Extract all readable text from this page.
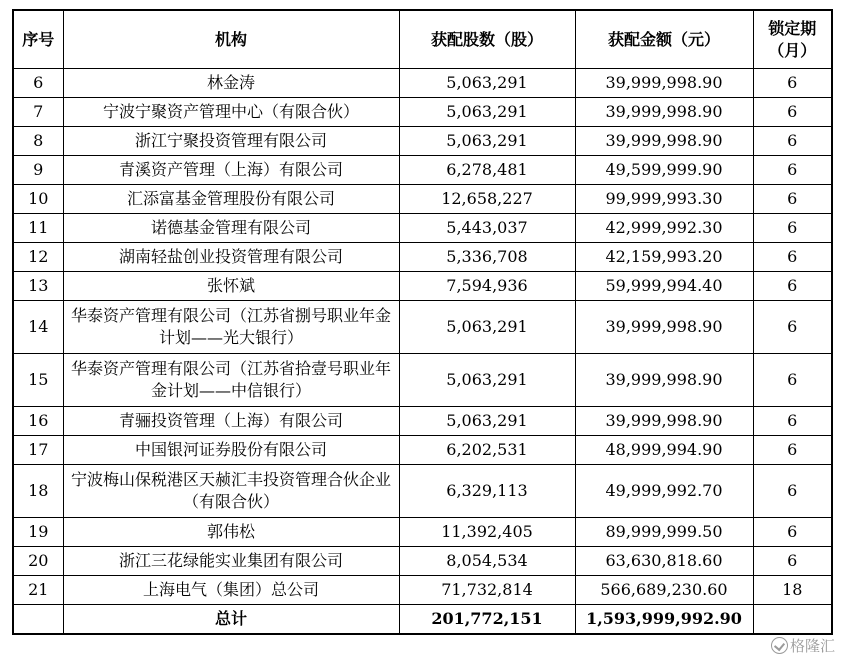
序号	机构	获配股数（股）	获配金额（元）	锁定期（月）
6	林金涛	5,063,291	39,999,998.90	6
7	宁波宁聚资产管理中心（有限合伙）	5,063,291	39,999,998.90	6
8	浙江宁聚投资管理有限公司	5,063,291	39,999,998.90	6
9	青溪资产管理（上海）有限公司	6,278,481	49,599,999.90	6
10	汇添富基金管理股份有限公司	12,658,227	99,999,993.30	6
11	诺德基金管理有限公司	5,443,037	42,999,992.30	6
12	湖南轻盐创业投资管理有限公司	5,336,708	42,159,993.20	6
13	张怀斌	7,594,936	59,999,994.40	6
14	华泰资产管理有限公司（江苏省捌号职业年金计划——光大银行）	5,063,291	39,999,998.90	6
15	华泰资产管理有限公司（江苏省拾壹号职业年金计划——中信银行）	5,063,291	39,999,998.90	6
16	青骊投资管理（上海）有限公司	5,063,291	39,999,998.90	6
17	中国银河证券股份有限公司	6,202,531	48,999,994.90	6
18	宁波梅山保税港区天赪汇丰投资管理合伙企业（有限合伙）	6,329,113	49,999,992.70	6
19	郭伟松	11,392,405	89,999,999.50	6
20	浙江三花绿能实业集团有限公司	8,054,534	63,630,818.60	6
21	上海电气（集团）总公司	71,732,814	566,689,230.60	18
	总计	201,772,151	1,593,999,992.90	
格隆汇
